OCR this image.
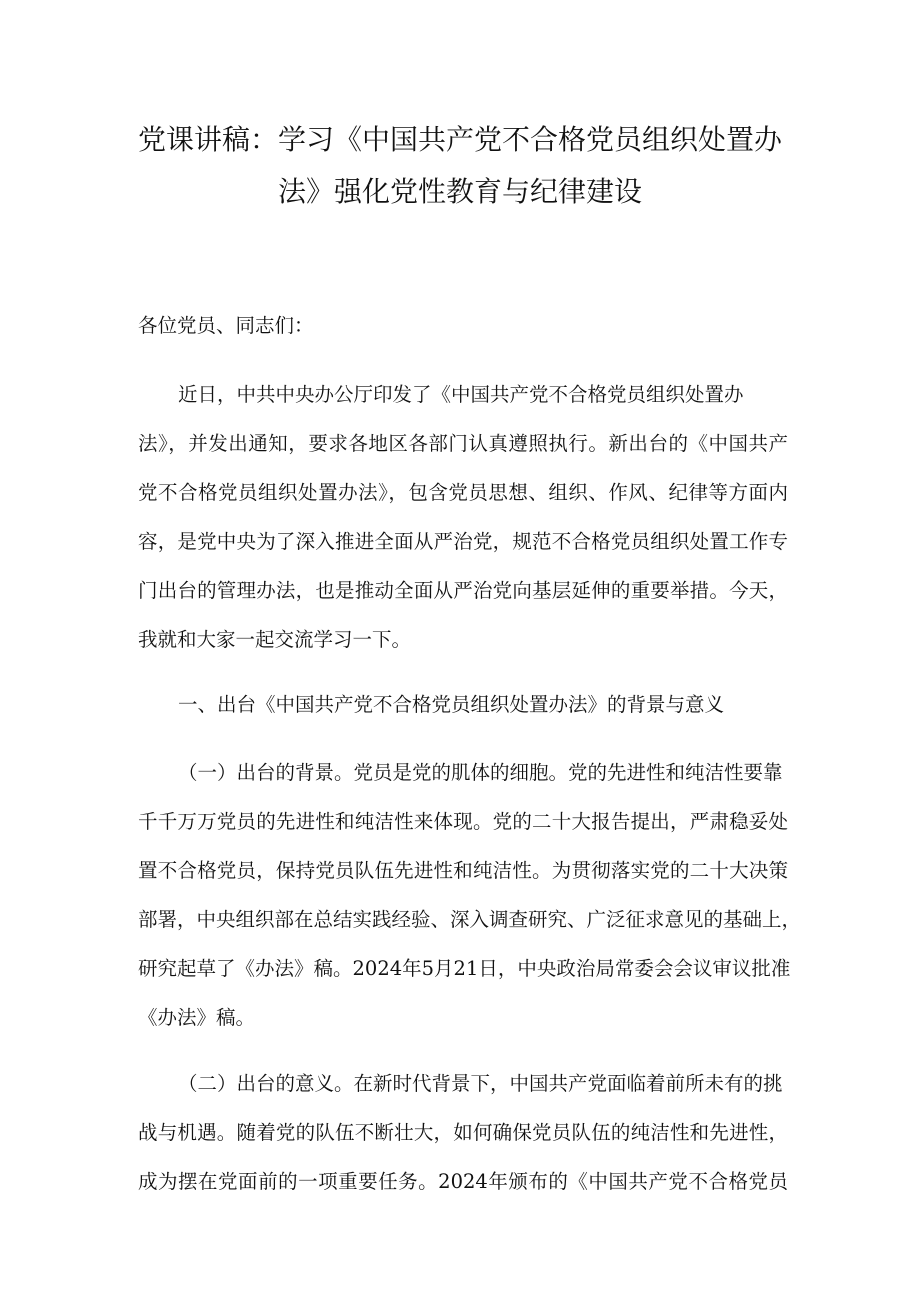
党课讲稿：学习《中国共产党不合格党员组织处置办
法》强化党性教育与纪律建设
各位党员、同志们：
近日，中共中央办公厅印发了《中国共产党不合格党员组织处置办
法》，并发出通知，要求各地区各部门认真遵照执行。新出台的《中国共产
党不合格党员组织处置办法》，包含党员思想、组织、作风、纪律等方面内
容，是党中央为了深入推进全面从严治党，规范不合格党员组织处置工作专
门出台的管理办法，也是推动全面从严治党向基层延伸的重要举措。今天，
我就和大家一起交流学习一下。
一、出台《中国共产党不合格党员组织处置办法》的背景与意义
（一）出台的背景。党员是党的肌体的细胞。党的先进性和纯洁性要靠
千千万万党员的先进性和纯洁性来体现。党的二十大报告提出，严肃稳妥处
置不合格党员，保持党员队伍先进性和纯洁性。为贯彻落实党的二十大决策
部署，中央组织部在总结实践经验、深入调查研究、广泛征求意见的基础上，
研究起草了《办法》稿。2024年5月21日，中央政治局常委会会议审议批准
《办法》稿。
（二）出台的意义。在新时代背景下，中国共产党面临着前所未有的挑
战与机遇。随着党的队伍不断壮大，如何确保党员队伍的纯洁性和先进性，
成为摆在党面前的一项重要任务。2024年颁布的《中国共产党不合格党员
